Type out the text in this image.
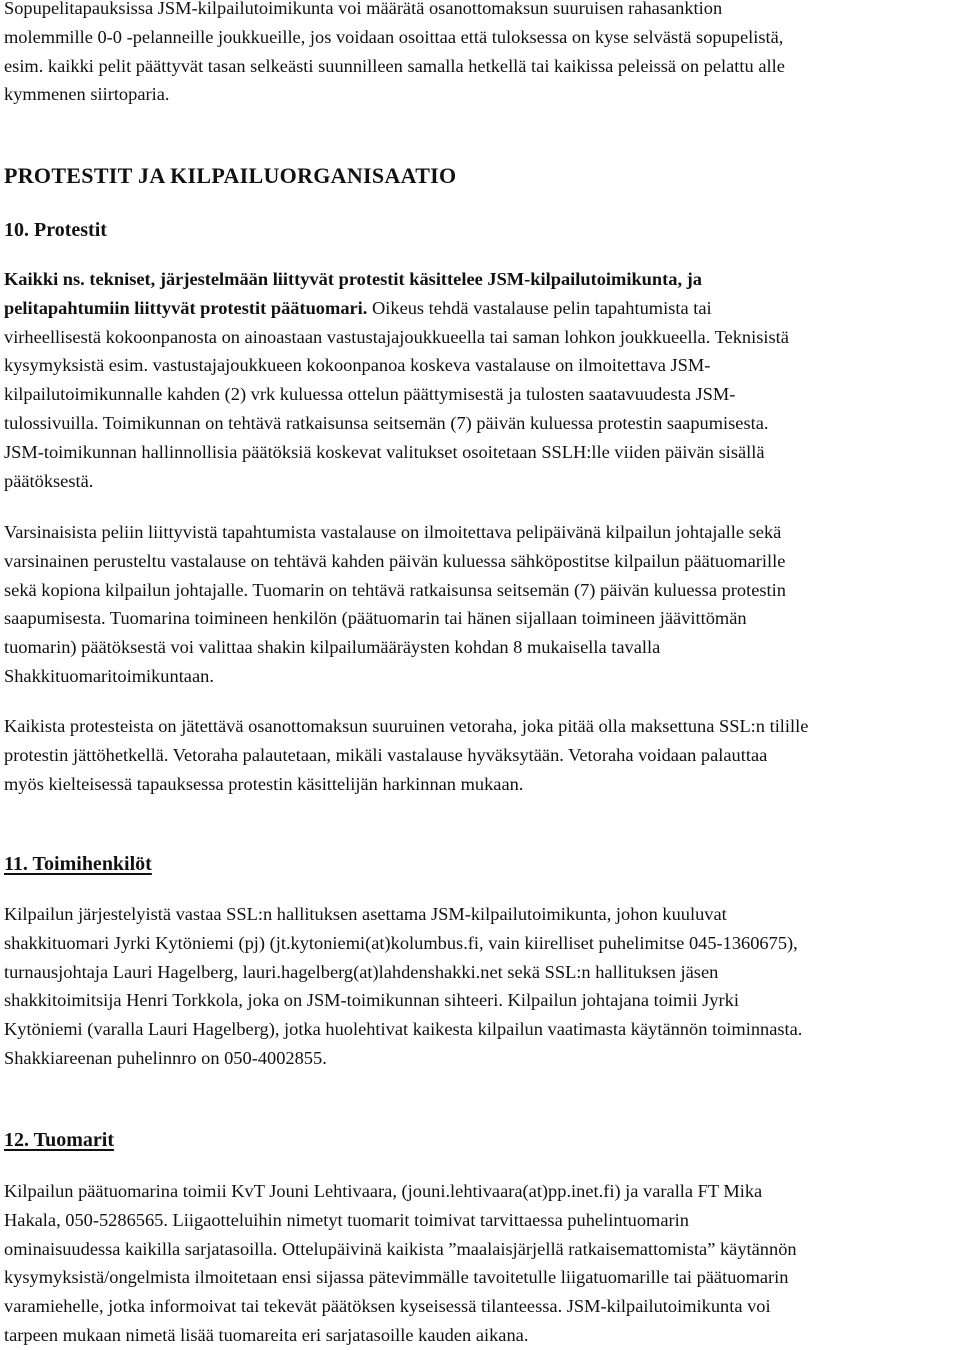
Sopupelitapauksissa JSM-kilpailutoimikunta voi määrätä osanottomaksun suuruisen rahasanktion
molemmille 0-0 -pelanneille joukkueille, jos voidaan osoittaa että tuloksessa on kyse selvästä sopupelistä,
esim. kaikki pelit päättyvät tasan selkeästi suunnilleen samalla hetkellä tai kaikissa peleissä on pelattu alle
kymmenen siirtoparia.
PROTESTIT JA KILPAILUORGANISAATIO
10. Protestit
Kaikki ns. tekniset, järjestelmään liittyvät protestit käsittelee JSM-kilpailutoimikunta, ja
pelitapahtumiin liittyvät protestit päätuomari. Oikeus tehdä vastalause pelin tapahtumista tai
virheellisestä kokoonpanosta on ainoastaan vastustajajoukkueella tai saman lohkon joukkueella. Teknisistä
kysymyksistä esim. vastustajajoukkueen kokoonpanoa koskeva vastalause on ilmoitettava JSM-
kilpailutoimikunnalle kahden (2) vrk kuluessa ottelun päättymisestä ja tulosten saatavuudesta JSM-
tulossivuilla. Toimikunnan on tehtävä ratkaisunsa seitsemän (7) päivän kuluessa protestin saapumisesta.
JSM-toimikunnan hallinnollisia päätöksiä koskevat valitukset osoitetaan SSLH:lle viiden päivän sisällä
päätöksestä.
Varsinaisista peliin liittyvistä tapahtumista vastalause on ilmoitettava pelipäivänä kilpailun johtajalle sekä
varsinainen perusteltu vastalause on tehtävä kahden päivän kuluessa sähköpostitse kilpailun päätuomarille
sekä kopiona kilpailun johtajalle. Tuomarin on tehtävä ratkaisunsa seitsemän (7) päivän kuluessa protestin
saapumisesta. Tuomarina toimineen henkilön (päätuomarin tai hänen sijallaan toimineen jäävittömän
tuomarin) päätöksestä voi valittaa shakin kilpailumääräysten kohdan 8 mukaisella tavalla
Shakkituomaritoimikuntaan.
Kaikista protesteista on jätettävä osanottomaksun suuruinen vetoraha, joka pitää olla maksettuna SSL:n tilille
protestin jättöhetkellä. Vetoraha palautetaan, mikäli vastalause hyväksytään. Vetoraha voidaan palauttaa
myös kielteisessä tapauksessa protestin käsittelijän harkinnan mukaan.
11. Toimihenkilöt
Kilpailun järjestelyistä vastaa SSL:n hallituksen asettama JSM-kilpailutoimikunta, johon kuuluvat
shakkituomari Jyrki Kytöniemi (pj) (jt.kytoniemi(at)kolumbus.fi, vain kiirelliset puhelimitse 045-1360675),
turnausjohtaja Lauri Hagelberg, lauri.hagelberg(at)lahdenshakki.net sekä SSL:n hallituksen jäsen
shakkitoimitsija Henri Torkkola, joka on JSM-toimikunnan sihteeri. Kilpailun johtajana toimii Jyrki
Kytöniemi (varalla Lauri Hagelberg), jotka huolehtivat kaikesta kilpailun vaatimasta käytännön toiminnasta.
Shakkiareenan puhelinnro on 050-4002855.
12. Tuomarit
Kilpailun päätuomarina toimii KvT Jouni Lehtivaara, (jouni.lehtivaara(at)pp.inet.fi) ja varalla FT Mika
Hakala, 050-5286565. Liigaotteluihin nimetyt tuomarit toimivat tarvittaessa puhelintuomarin
ominaisuudessa kaikilla sarjatasoilla. Ottelupäivinä kaikista ”maalaisjärjellä ratkaisemattomista” käytännön
kysymyksistä/ongelmista ilmoitetaan ensi sijassa pätevimmälle tavoitetulle liigatuomarille tai päätuomarin
varamiehelle, jotka informoivat tai tekevät päätöksen kyseisessä tilanteessa. JSM-kilpailutoimikunta voi
tarpeen mukaan nimetä lisää tuomareita eri sarjatasoille kauden aikana.
